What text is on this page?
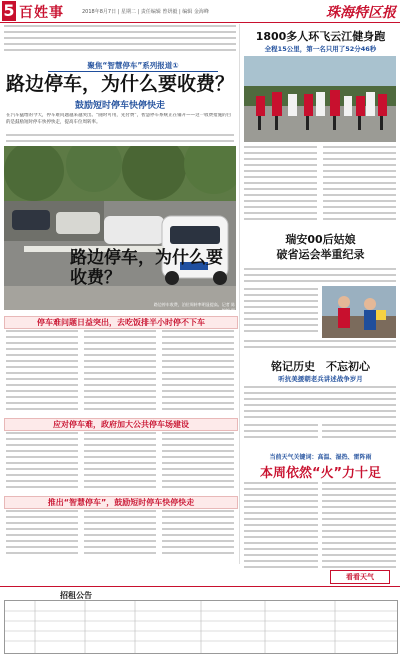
5 百姓事	2018年8月7日 | 星期二 | 责任编辑 曾妍毅 | 编辑 金海峰	珠海特区报
聚焦“智慧停车”系列报道①
路边停车，为什么要收费？
鼓励短时停车快停快走
在汽车猛增的今天，停车难问题越来越突出。“随时可用，先付费”，智慧停车系统正在铺开——这一收费措施的目的是鼓励短时停车快停快走，提高车位周转率。
路边停车收费，泊位周转率明显提高。记者 陈婉婷 摄
路边停车，为什么要收费？
停车难问题日益突出，去吃饭排半小时停不下车
应对停车难，政府加大公共停车场建设
推出“智慧停车”，鼓励短时停车快停快走
1800多人环飞云江健身跑
全程15公里，第一名只用了52分46秒
瑞安00后姑娘
破省运会举重纪录
铭记历史　不忘初心
听抗美援朝老兵讲述战争岁月
当前天气关键词：高温、湿热、雷阵雨
本周依然“火”力十足
看看天气
招租公告
